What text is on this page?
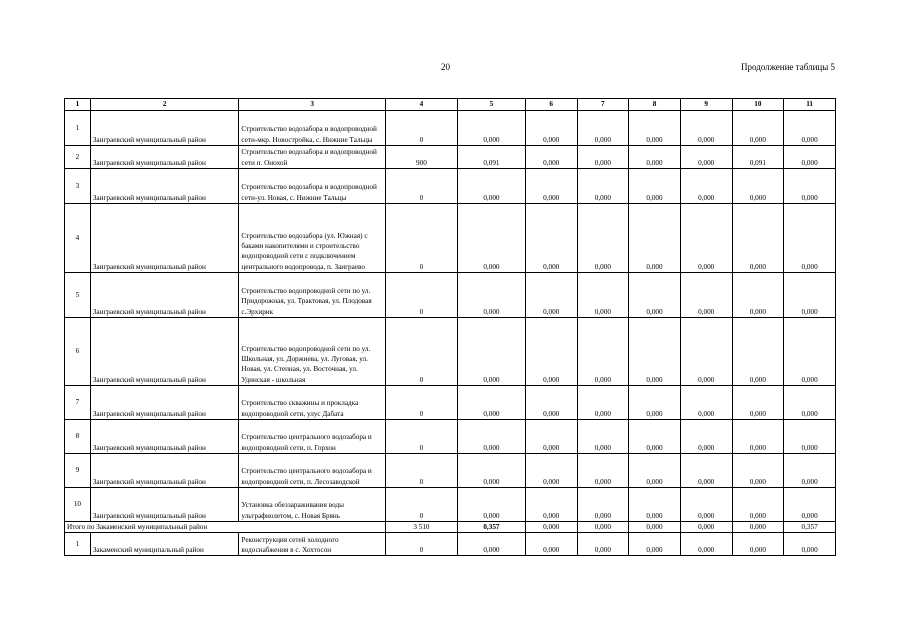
20	Продолжение таблицы 5
1	2	3	4	5	6	7	8	9	10	11
1	Заиграевский муниципальный район	Строительство водозабора и водопроводной сети-мкр. Новостройка, с. Нижние Тальцы	0	0,000	0,000	0,000	0,000	0,000	0,000	0,000
2	Заиграевский муниципальный район	Строительство водозабора и водопроводной сети п. Онохой	900	0,091	0,000	0,000	0,000	0,000	0,091	0,000
3	Заиграевский муниципальный район	Строительство водозабора и водопроводной сети-ул. Новая, с. Нижние Тальцы	0	0,000	0,000	0,000	0,000	0,000	0,000	0,000
4	Заиграевский муниципальный район	Строительство водозабора (ул. Южная) с баками накопителями и строительство водопроводной сети с подключением центрального водопровода, п. Заиграево	0	0,000	0,000	0,000	0,000	0,000	0,000	0,000
5	Заиграевский муниципальный район	Строительство водопроводной сети по ул. Придорожная, ул. Трактовая, ул. Плодовая с.Эрхирик	0	0,000	0,000	0,000	0,000	0,000	0,000	0,000
6	Заиграевский муниципальный район	Строительство водопроводной сети по ул. Школьная, ул. Доржиева, ул. Луговая, ул. Новая, ул. Степная, ул. Восточная, ул. Удинская - школьная	0	0,000	0,000	0,000	0,000	0,000	0,000	0,000
7	Заиграевский муниципальный район	Строительство скважины и прокладка водопроводной сети, улус Дабата	0	0,000	0,000	0,000	0,000	0,000	0,000	0,000
8	Заиграевский муниципальный район	Строительство центрального водозабора и водопроводной сети, п. Горхон	0	0,000	0,000	0,000	0,000	0,000	0,000	0,000
9	Заиграевский муниципальный район	Строительство центрального водозабора и водопроводной сети, п. Лесозаводской	0	0,000	0,000	0,000	0,000	0,000	0,000	0,000
10	Заиграевский муниципальный район	Установка обеззараживания воды ультрафиолетом, с. Новая Брянь	0	0,000	0,000	0,000	0,000	0,000	0,000	0,000
Итого по Закаменский муниципальный район			3 510	0,357	0,000	0,000	0,000	0,000	0,000	0,357
1	Закаменский муниципальный район	Реконструкция сетей холодного водоснабжения в с. Хохтосон	0	0,000	0,000	0,000	0,000	0,000	0,000	0,000
